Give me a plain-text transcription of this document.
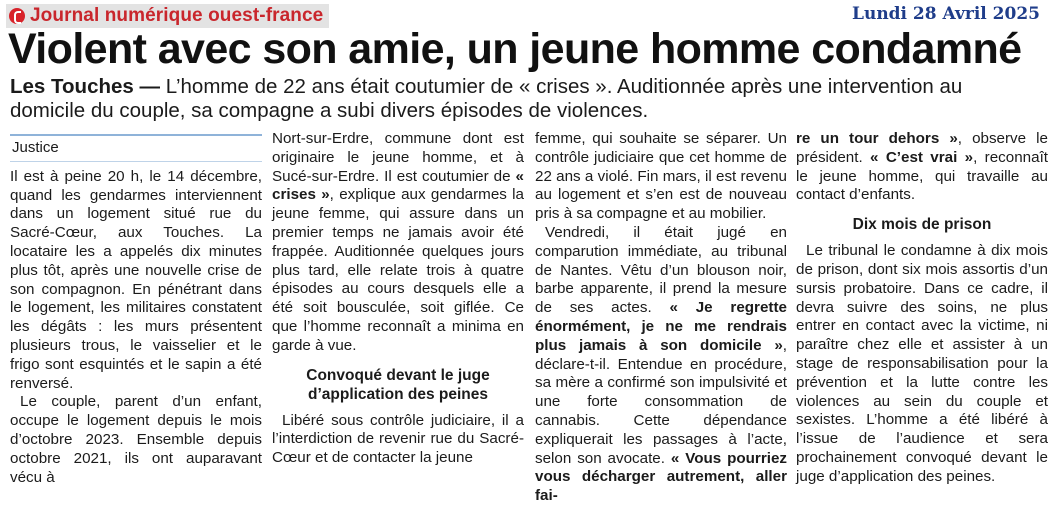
Journal numérique ouest-france	Lundi 28 Avril 2025
Violent avec son amie, un jeune homme condamné

Les Touches — L’homme de 22 ans était coutumier de « crises ». Auditionnée après une intervention au domicile du couple, sa compagne a subi divers épisodes de violences.

Justice

Il est à peine 20 h, le 14 décembre, quand les gendarmes interviennent dans un logement situé rue du Sacré-Cœur, aux Touches. La locataire les a appelés dix minutes plus tôt, après une nouvelle crise de son compagnon. En pénétrant dans le logement, les militaires constatent les dégâts : les murs présentent plusieurs trous, le vaisselier et le frigo sont esquintés et le sapin a été renversé.

Le couple, parent d’un enfant, occupe le logement depuis le mois d’octobre 2023. Ensemble depuis octobre 2021, ils ont auparavant vécu à

Nort-sur-Erdre, commune dont est originaire le jeune homme, et à Sucé-sur-Erdre. Il est coutumier de « crises », explique aux gendarmes la jeune femme, qui assure dans un premier temps ne jamais avoir été frappée. Auditionnée quelques jours plus tard, elle relate trois à quatre épisodes au cours desquels elle a été soit bousculée, soit giflée. Ce que l’homme reconnaît a minima en garde à vue.

Convoqué devant le juge d’application des peines

Libéré sous contrôle judiciaire, il a l’interdiction de revenir rue du Sacré-Cœur et de contacter la jeune

femme, qui souhaite se séparer. Un contrôle judiciaire que cet homme de 22 ans a violé. Fin mars, il est revenu au logement et s’en est de nouveau pris à sa compagne et au mobilier.

Vendredi, il était jugé en comparution immédiate, au tribunal de Nantes. Vêtu d’un blouson noir, barbe apparente, il prend la mesure de ses actes. « Je regrette énormément, je ne me rendrais plus jamais à son domicile », déclare-t-il. Entendue en procédure, sa mère a confirmé son impulsivité et une forte consommation de cannabis. Cette dépendance expliquerait les passages à l’acte, selon son avocate. « Vous pourriez vous décharger autrement, aller fai-

re un tour dehors », observe le président. « C’est vrai », reconnaît le jeune homme, qui travaille au contact d’enfants.

Dix mois de prison

Le tribunal le condamne à dix mois de prison, dont six mois assortis d’un sursis probatoire. Dans ce cadre, il devra suivre des soins, ne plus entrer en contact avec la victime, ni paraître chez elle et assister à un stage de responsabilisation pour la prévention et la lutte contre les violences au sein du couple et sexistes. L’homme a été libéré à l’issue de l’audience et sera prochainement convoqué devant le juge d’application des peines.
